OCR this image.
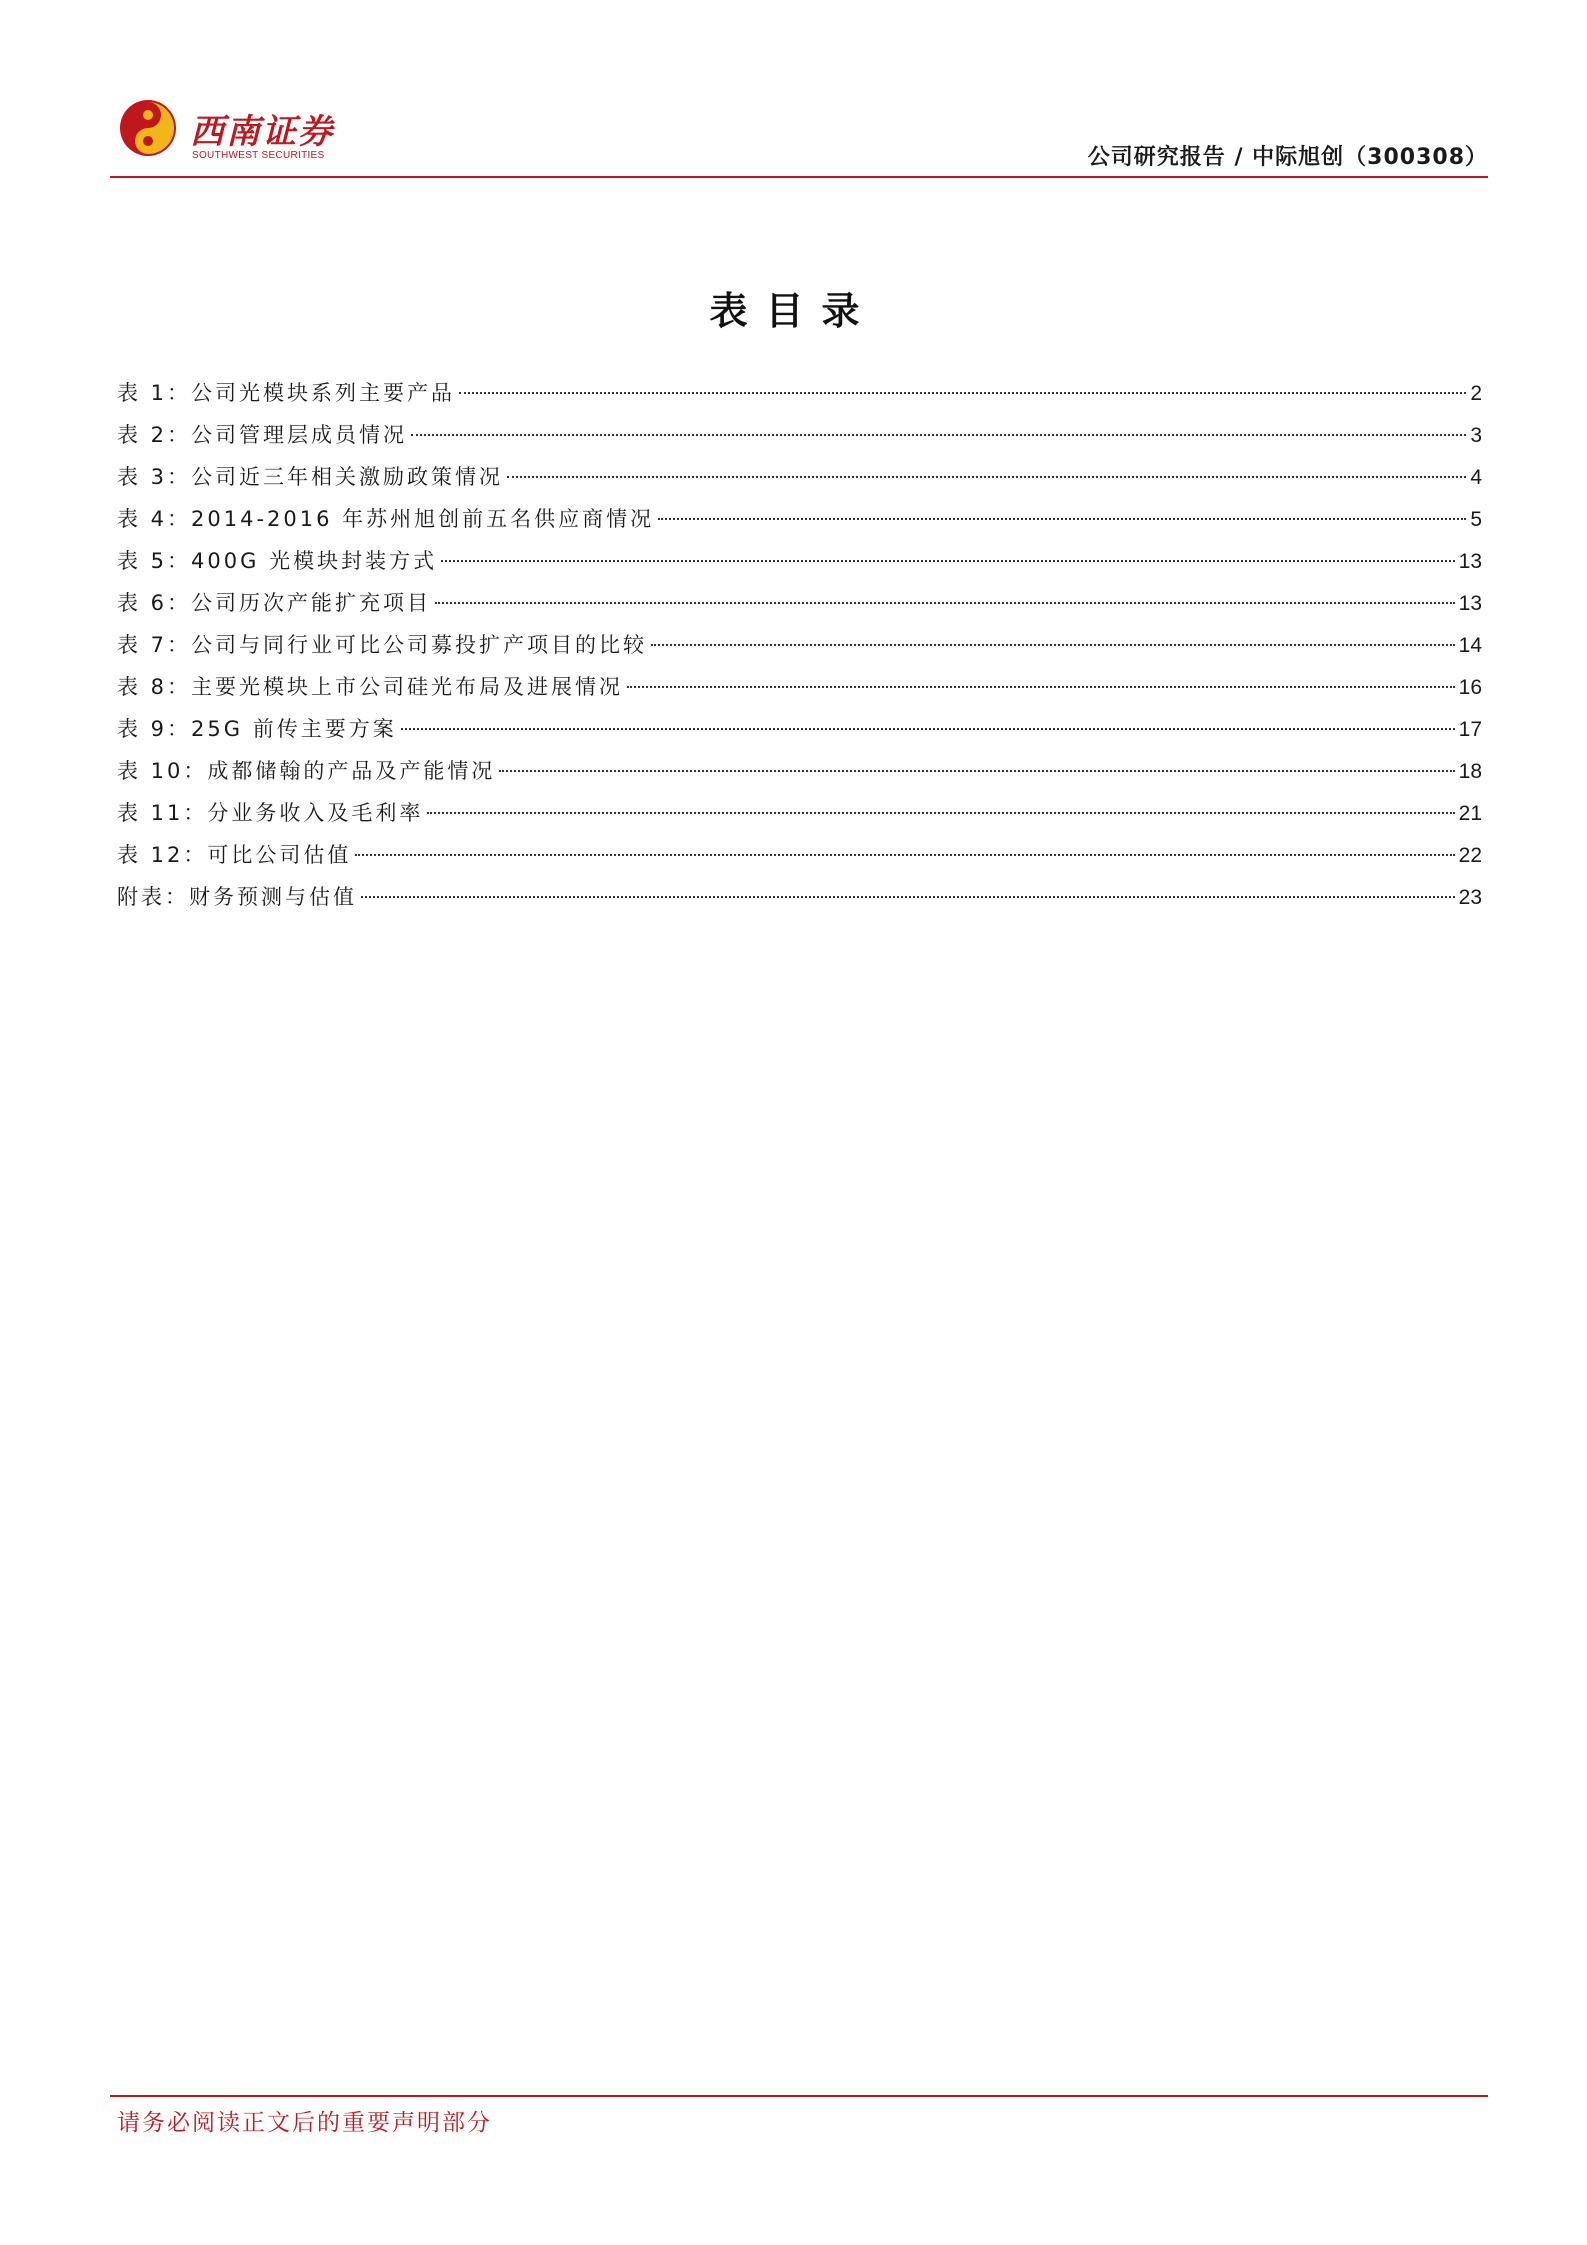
西南证券
SOUTHWEST SECURITIES	公司研究报告 / 中际旭创（300308）
表目录
表 1：公司光模块系列主要产品	2
表 2：公司管理层成员情况	3
表 3：公司近三年相关激励政策情况	4
表 4：2014-2016 年苏州旭创前五名供应商情况	5
表 5：400G 光模块封装方式	13
表 6：公司历次产能扩充项目	13
表 7：公司与同行业可比公司募投扩产项目的比较	14
表 8：主要光模块上市公司硅光布局及进展情况	16
表 9：25G 前传主要方案	17
表 10：成都储翰的产品及产能情况	18
表 11：分业务收入及毛利率	21
表 12：可比公司估值	22
附表：财务预测与估值	23
请务必阅读正文后的重要声明部分
